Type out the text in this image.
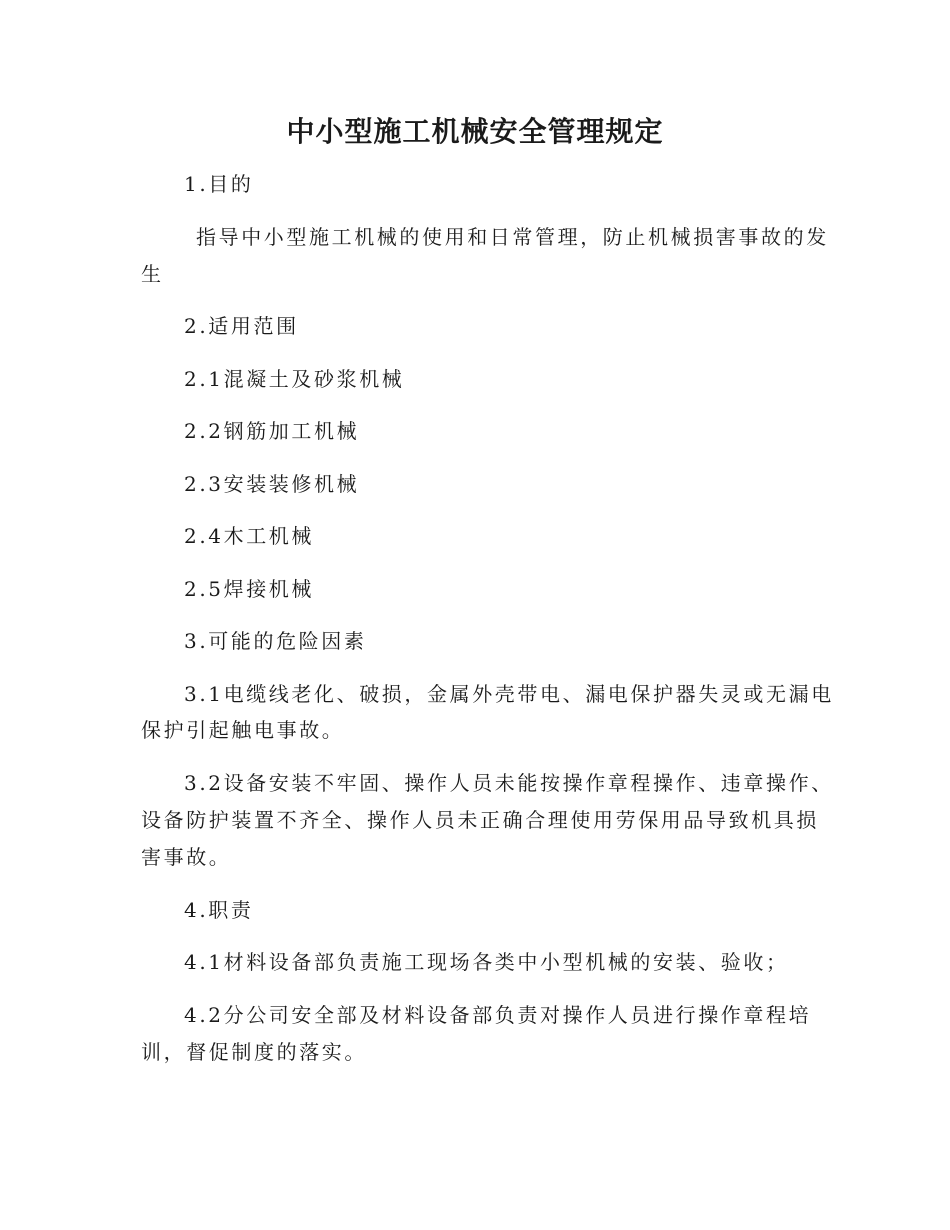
中小型施工机械安全管理规定

1.目的

指导中小型施工机械的使用和日常管理，防止机械损害事故的发

生

2.适用范围

2.1混凝土及砂浆机械

2.2钢筋加工机械

2.3安装装修机械

2.4木工机械

2.5焊接机械

3.可能的危险因素

3.1电缆线老化、破损，金属外壳带电、漏电保护器失灵或无漏电

保护引起触电事故。

3.2设备安装不牢固、操作人员未能按操作章程操作、违章操作、

设备防护装置不齐全、操作人员未正确合理使用劳保用品导致机具损

害事故。

4.职责

4.1材料设备部负责施工现场各类中小型机械的安装、验收；

4.2分公司安全部及材料设备部负责对操作人员进行操作章程培

训，督促制度的落实。
